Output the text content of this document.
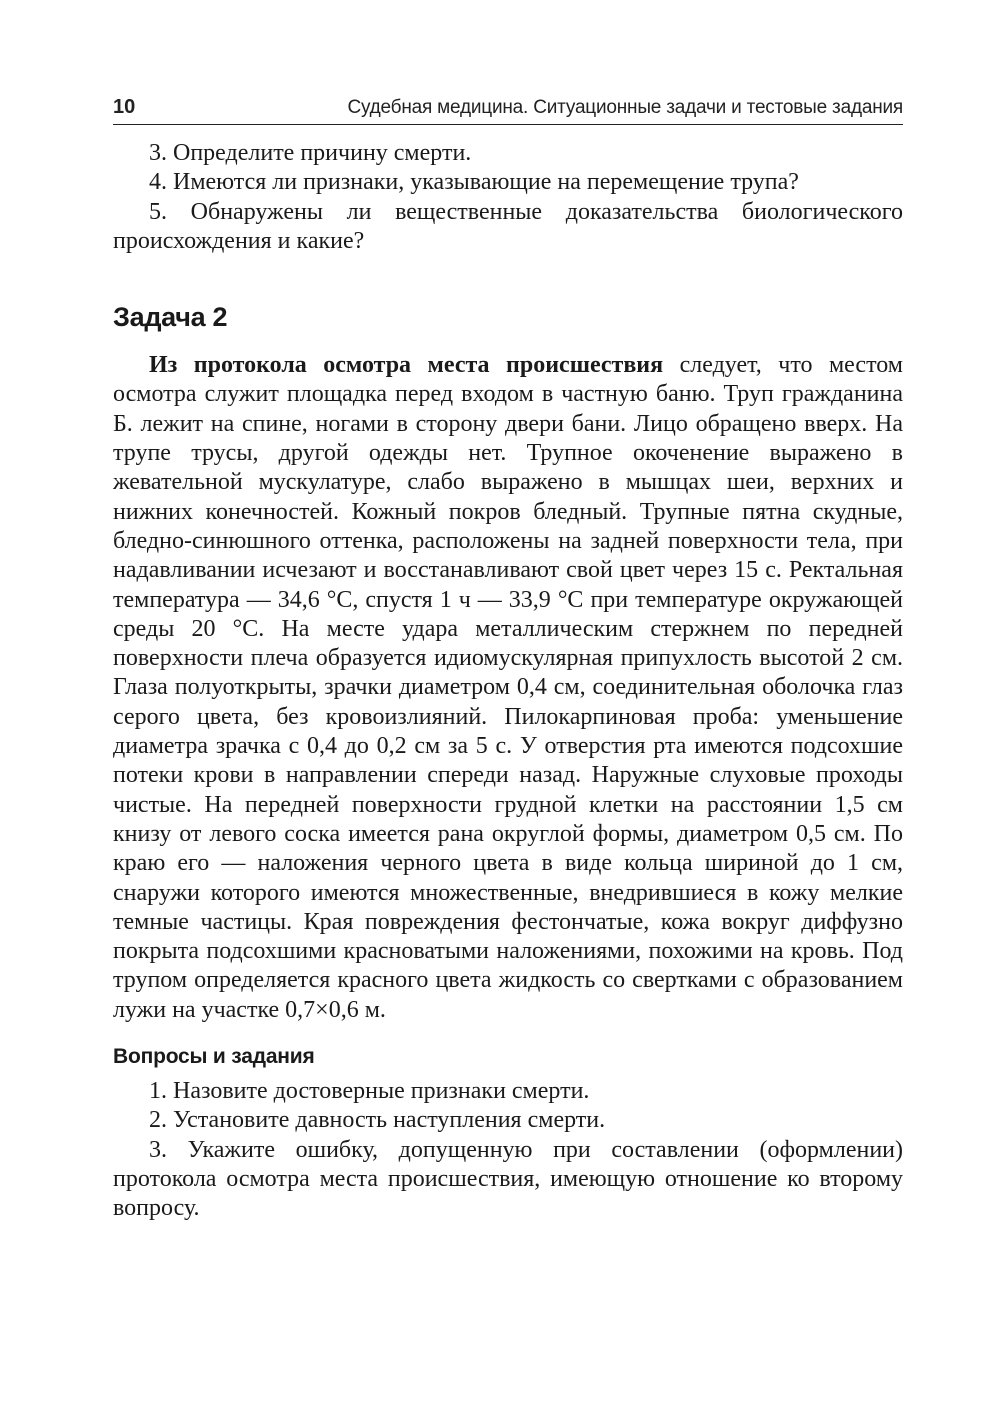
10	Судебная медицина. Ситуационные задачи и тестовые задания

3. Определите причину смерти.

4. Имеются ли признаки, указывающие на перемещение трупа?

5. Обнаружены ли вещественные доказательства биологического происхождения и какие?

Задача 2

Из протокола осмотра места происшествия следует, что местом осмотра служит площадка перед входом в частную баню. Труп гражданина Б. лежит на спине, ногами в сторону двери бани. Лицо обращено вверх. На трупе трусы, другой одежды нет. Трупное окоченение выражено в жевательной мускулатуре, слабо выражено в мышцах шеи, верхних и нижних конечностей. Кожный покров бледный. Трупные пятна скудные, бледно-синюшного оттенка, расположены на задней поверхности тела, при надавливании исчезают и восстанавливают свой цвет через 15 с. Ректальная температура — 34,6 °С, спустя 1 ч — 33,9 °С при температуре окружающей среды 20 °С. На месте удара металлическим стержнем по передней поверхности плеча образуется идиомускулярная припухлость высотой 2 см. Глаза полуоткрыты, зрачки диаметром 0,4 см, соединительная оболочка глаз серого цвета, без кровоизлияний. Пилокарпиновая проба: уменьшение диаметра зрачка с 0,4 до 0,2 см за 5 с. У отверстия рта имеются подсохшие потеки крови в направлении спереди назад. Наружные слуховые проходы чистые. На передней поверхности грудной клетки на расстоянии 1,5 см книзу от левого соска имеется рана округлой формы, диаметром 0,5 см. По краю его — наложения черного цвета в виде кольца шириной до 1 см, снаружи которого имеются множественные, внедрившиеся в кожу мелкие темные частицы. Края повреждения фестончатые, кожа вокруг диффузно покрыта подсохшими красноватыми наложениями, похожими на кровь. Под трупом определяется красного цвета жидкость со свертками с образованием лужи на участке 0,7×0,6 м.

Вопросы и задания

1. Назовите достоверные признаки смерти.

2. Установите давность наступления смерти.

3. Укажите ошибку, допущенную при составлении (оформлении) протокола осмотра места происшествия, имеющую отношение ко второму вопросу.
